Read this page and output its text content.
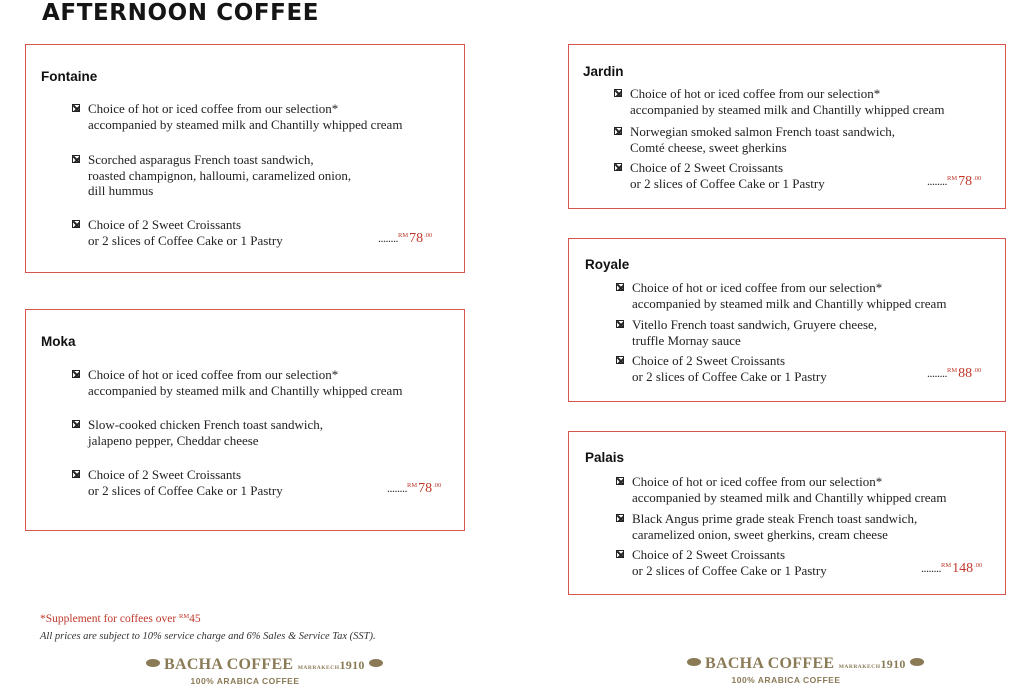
AFTERNOON COFFEE
Fontaine
Choice of hot or iced coffee from our selection*
accompanied by steamed milk and Chantilly whipped cream
Scorched asparagus French toast sandwich,
roasted champignon, halloumi, caramelized onion,
dill hummus
Choice of 2 Sweet Croissants
or 2 slices of Coffee Cake or 1 Pastry	$........^{RM}78^{.00}$
Moka
Choice of hot or iced coffee from our selection*
accompanied by steamed milk and Chantilly whipped cream
Slow-cooked chicken French toast sandwich,
jalapeno pepper, Cheddar cheese
Choice of 2 Sweet Croissants
or 2 slices of Coffee Cake or 1 Pastry	$........^{RM}78^{.00}$
Jardin
Choice of hot or iced coffee from our selection*
accompanied by steamed milk and Chantilly whipped cream
Norwegian smoked salmon French toast sandwich,
Comté cheese, sweet gherkins
Choice of 2 Sweet Croissants
or 2 slices of Coffee Cake or 1 Pastry	$........^{RM}78^{.00}$
Royale
Choice of hot or iced coffee from our selection*
accompanied by steamed milk and Chantilly whipped cream
Vitello French toast sandwich, Gruyere cheese,
truffle Mornay sauce
Choice of 2 Sweet Croissants
or 2 slices of Coffee Cake or 1 Pastry	$........^{RM}88^{.00}$
Palais
Choice of hot or iced coffee from our selection*
accompanied by steamed milk and Chantilly whipped cream
Black Angus prime grade steak French toast sandwich,
caramelized onion, sweet gherkins, cream cheese
Choice of 2 Sweet Croissants
or 2 slices of Coffee Cake or 1 Pastry	$........^{RM}148^{.00}$
*Supplement for coffees over $^{RM}$45
All prices are subject to 10% service charge and 6% Sales & Service Tax (SST).
BACHA COFFEE MARRAKECH1910
100% ARABICA COFFEE
BACHA COFFEE MARRAKECH1910
100% ARABICA COFFEE
